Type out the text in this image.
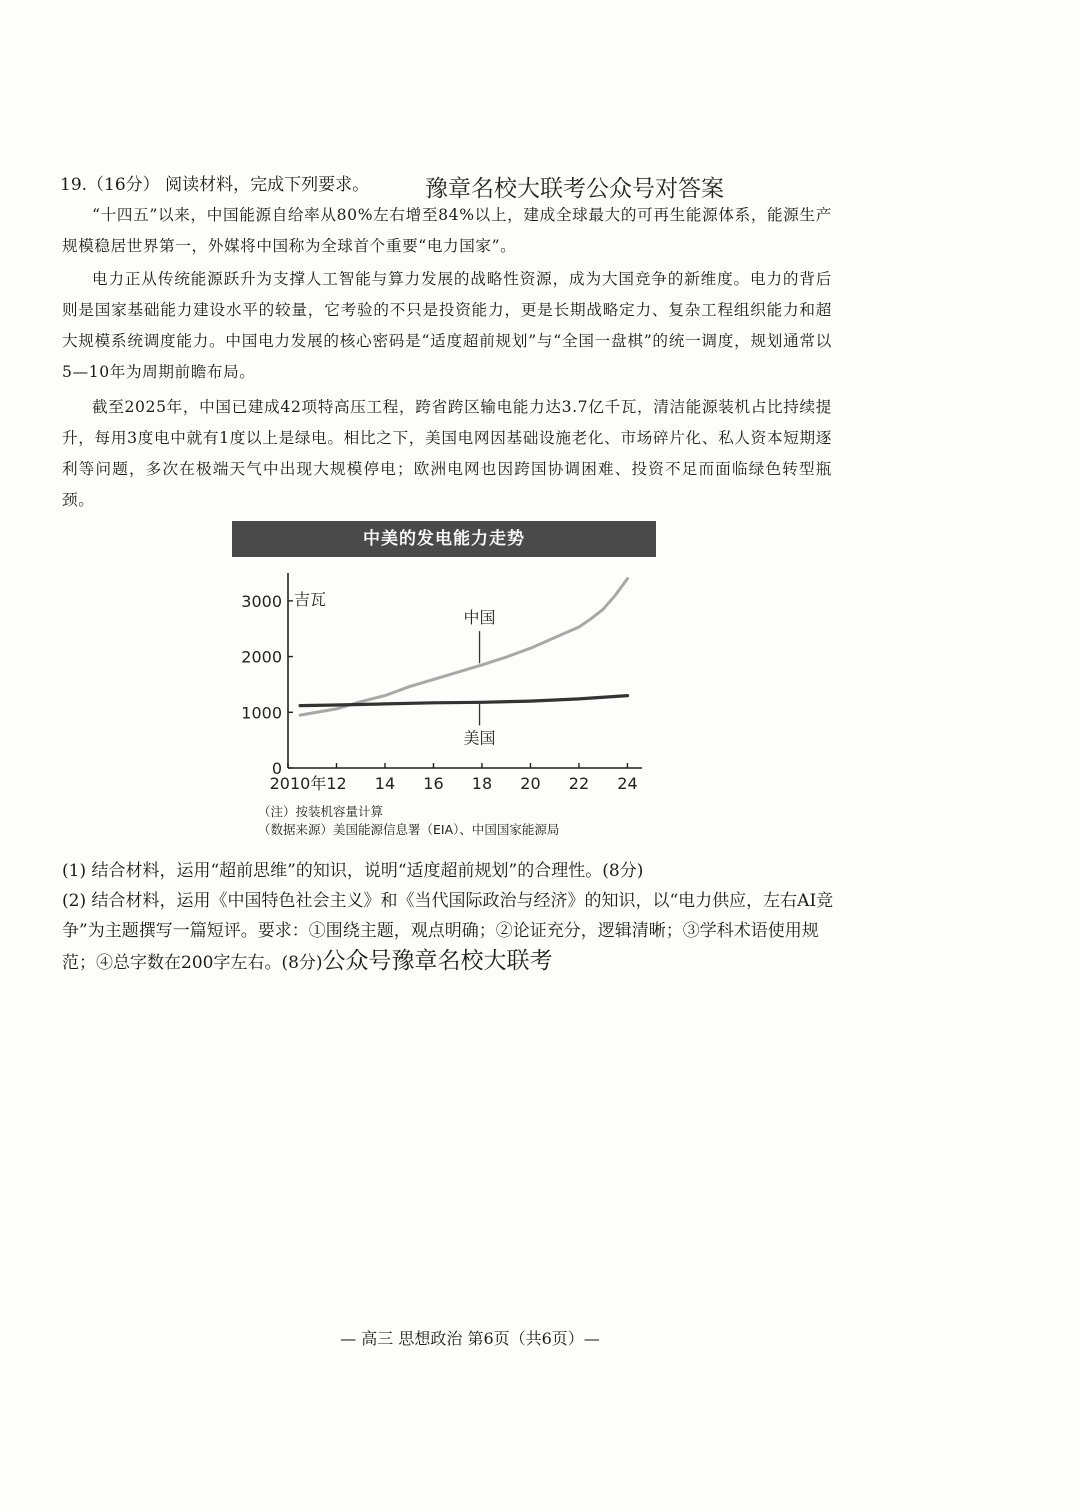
19.（16分） 阅读材料，完成下列要求。 豫章名校大联考公众号对答案
“十四五”以来，中国能源自给率从80%左右增至84%以上，建成全球最大的可再生能源体系，能源生产规模稳居世界第一，外媒将中国称为全球首个重要“电力国家”。
电力正从传统能源跃升为支撑人工智能与算力发展的战略性资源，成为大国竞争的新维度。电力的背后则是国家基础能力建设水平的较量，它考验的不只是投资能力，更是长期战略定力、复杂工程组织能力和超大规模系统调度能力。中国电力发展的核心密码是“适度超前规划”与“全国一盘棋”的统一调度，规划通常以5—10年为周期前瞻布局。
截至2025年，中国已建成42项特高压工程，跨省跨区输电能力达3.7亿千瓦，清洁能源装机占比持续提升，每用3度电中就有1度以上是绿电。相比之下，美国电网因基础设施老化、市场碎片化、私人资本短期逐利等问题，多次在极端天气中出现大规模停电；欧洲电网也因跨国协调困难、投资不足而面临绿色转型瓶颈。
0
1000
2000
3000
2010年 12 14 16 18 20 22 24
吉瓦
中国
美国
中美的发电能力走势
（注）按装机容量计算
（数据来源）美国能源信息署（EIA）、中国国家能源局
(1) 结合材料，运用“超前思维”的知识，说明“适度超前规划”的合理性。(8分)
(2) 结合材料，运用《中国特色社会主义》和《当代国际政治与经济》的知识，以“电力供应，左右AI竞争”为主题撰写一篇短评。要求：①围绕主题，观点明确；②论证充分，逻辑清晰；③学科术语使用规范；④总字数在200字左右。(8分)公众号豫章名校大联考
— 高三 思想政治 第6页（共6页）—
